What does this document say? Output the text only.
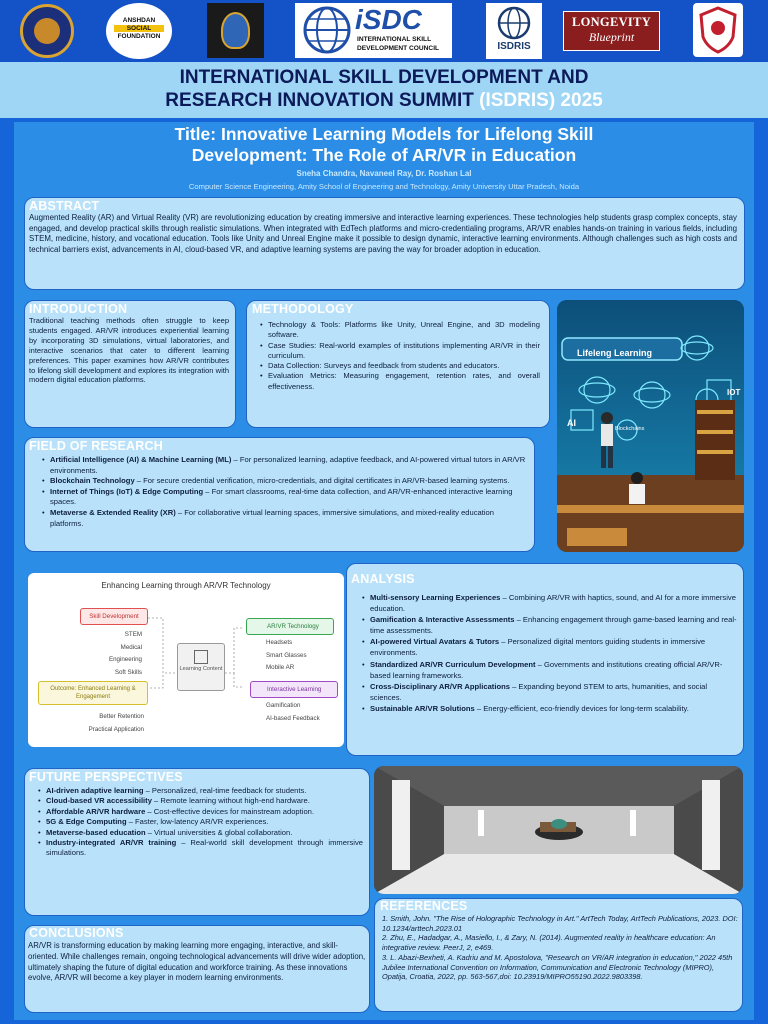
ANSHDAN
SOCIAL
FOUNDATION
iSDC
INTERNATIONAL SKILL
DEVELOPMENT COUNCIL	ISDRIS
LONGEVITY
Blueprint
INTERNATIONAL SKILL DEVELOPMENT AND
RESEARCH INNOVATION SUMMIT (ISDRIS) 2025
Title: Innovative Learning Models for Lifelong Skill
Development: The Role of AR/VR in Education
Sneha Chandra, Navaneel Ray, Dr. Roshan Lal
Computer Science Engineering, Amity School of Engineering and Technology, Amity University Uttar Pradesh, Noida
ABSTRACT
Augmented Reality (AR) and Virtual Reality (VR) are revolutionizing education by creating immersive and interactive learning experiences. These technologies help students grasp complex concepts, stay engaged, and develop practical skills through realistic simulations. When integrated with EdTech platforms and micro-credentialing programs, AR/VR enables hands-on training in various fields, including STEM, medicine, history, and vocational education. Tools like Unity and Unreal Engine make it possible to design dynamic, interactive learning environments. Although challenges such as high costs and technical barriers exist, advancements in AI, cloud-based VR, and adaptive learning systems are paving the way for broader adoption in education.
INTRODUCTION
Traditional teaching methods often struggle to keep students engaged. AR/VR introduces experiential learning by incorporating 3D simulations, virtual laboratories, and interactive scenarios that cater to different learning preferences. This paper examines how AR/VR contributes to lifelong skill development and explores its integration with modern digital education platforms.
METHODOLOGY
• Technology & Tools: Platforms like Unity, Unreal Engine, and 3D modeling software.
• Case Studies: Real-world examples of institutions implementing AR/VR in their curriculum.
• Data Collection: Surveys and feedback from students and educators.
• Evaluation Metrics: Measuring engagement, retention rates, and overall effectiveness.
Lifeleng Learning
AI
IOT
Blockchains
FIELD OF RESEARCH
• Artificial Intelligence (AI) & Machine Learning (ML) – For personalized learning, adaptive feedback, and AI-powered virtual tutors in AR/VR environments.
• Blockchain Technology – For secure credential verification, micro-credentials, and digital certificates in AR/VR-based learning systems.
• Internet of Things (IoT) & Edge Computing – For smart classrooms, real-time data collection, and AR/VR-enhanced interactive learning spaces.
• Metaverse & Extended Reality (XR) – For collaborative virtual learning spaces, immersive simulations, and mixed-reality education platforms.
Enhancing Learning through AR/VR Technology
Learning Content
Skill Development
STEM
Medical
Engineering
Soft Skills
AR/VR Technology
Headsets
Smart Glasses
Mobile AR
Interactive Learning
Gamification
AI-based Feedback
Outcome: Enhanced Learning & Engagement
Better Retention
Practical Application
ANALYSIS
• Multi-sensory Learning Experiences – Combining AR/VR with haptics, sound, and AI for a more immersive education.
• Gamification & Interactive Assessments – Enhancing engagement through game-based learning and real-time assessments.
• AI-powered Virtual Avatars & Tutors – Personalized digital mentors guiding students in immersive environments.
• Standardized AR/VR Curriculum Development – Governments and institutions creating official AR/VR-based learning frameworks.
• Cross-Disciplinary AR/VR Applications – Expanding beyond STEM to arts, humanities, and social sciences.
• Sustainable AR/VR Solutions – Energy-efficient, eco-friendly devices for long-term scalability.
FUTURE PERSPECTIVES
• AI-driven adaptive learning – Personalized, real-time feedback for students.
• Cloud-based VR accessibility – Remote learning without high-end hardware.
• Affordable AR/VR hardware – Cost-effective devices for mainstream adoption.
• 5G & Edge Computing – Faster, low-latency AR/VR experiences.
• Metaverse-based education – Virtual universities & global collaboration.
• Industry-integrated AR/VR training – Real-world skill development through immersive simulations.
CONCLUSIONS
AR/VR is transforming education by making learning more engaging, interactive, and skill-oriented. While challenges remain, ongoing technological advancements will drive wider adoption, ultimately shaping the future of digital education and workforce training. As these innovations evolve, AR/VR will become a key player in modern learning environments.
REFERENCES

1. Smith, John. "The Rise of Holographic Technology in Art." ArtTech Today, ArtTech Publications, 2023. DOI: 10.1234/arttech.2023.01

2. Zhu, E., Hadadgar, A., Masiello, I., & Zary, N. (2014). Augmented reality in healthcare education: An integrative review. PeerJ, 2, e469.

3. L. Abazi-Bexheti, A. Kadriu and M. Apostolova, "Research on VR/AR integration in education," 2022 45th Jubilee International Convention on Information, Communication and Electronic Technology (MIPRO), Opatija, Croatia, 2022, pp. 563-567,doi: 10.23919/MIPRO55190.2022.9803398.
